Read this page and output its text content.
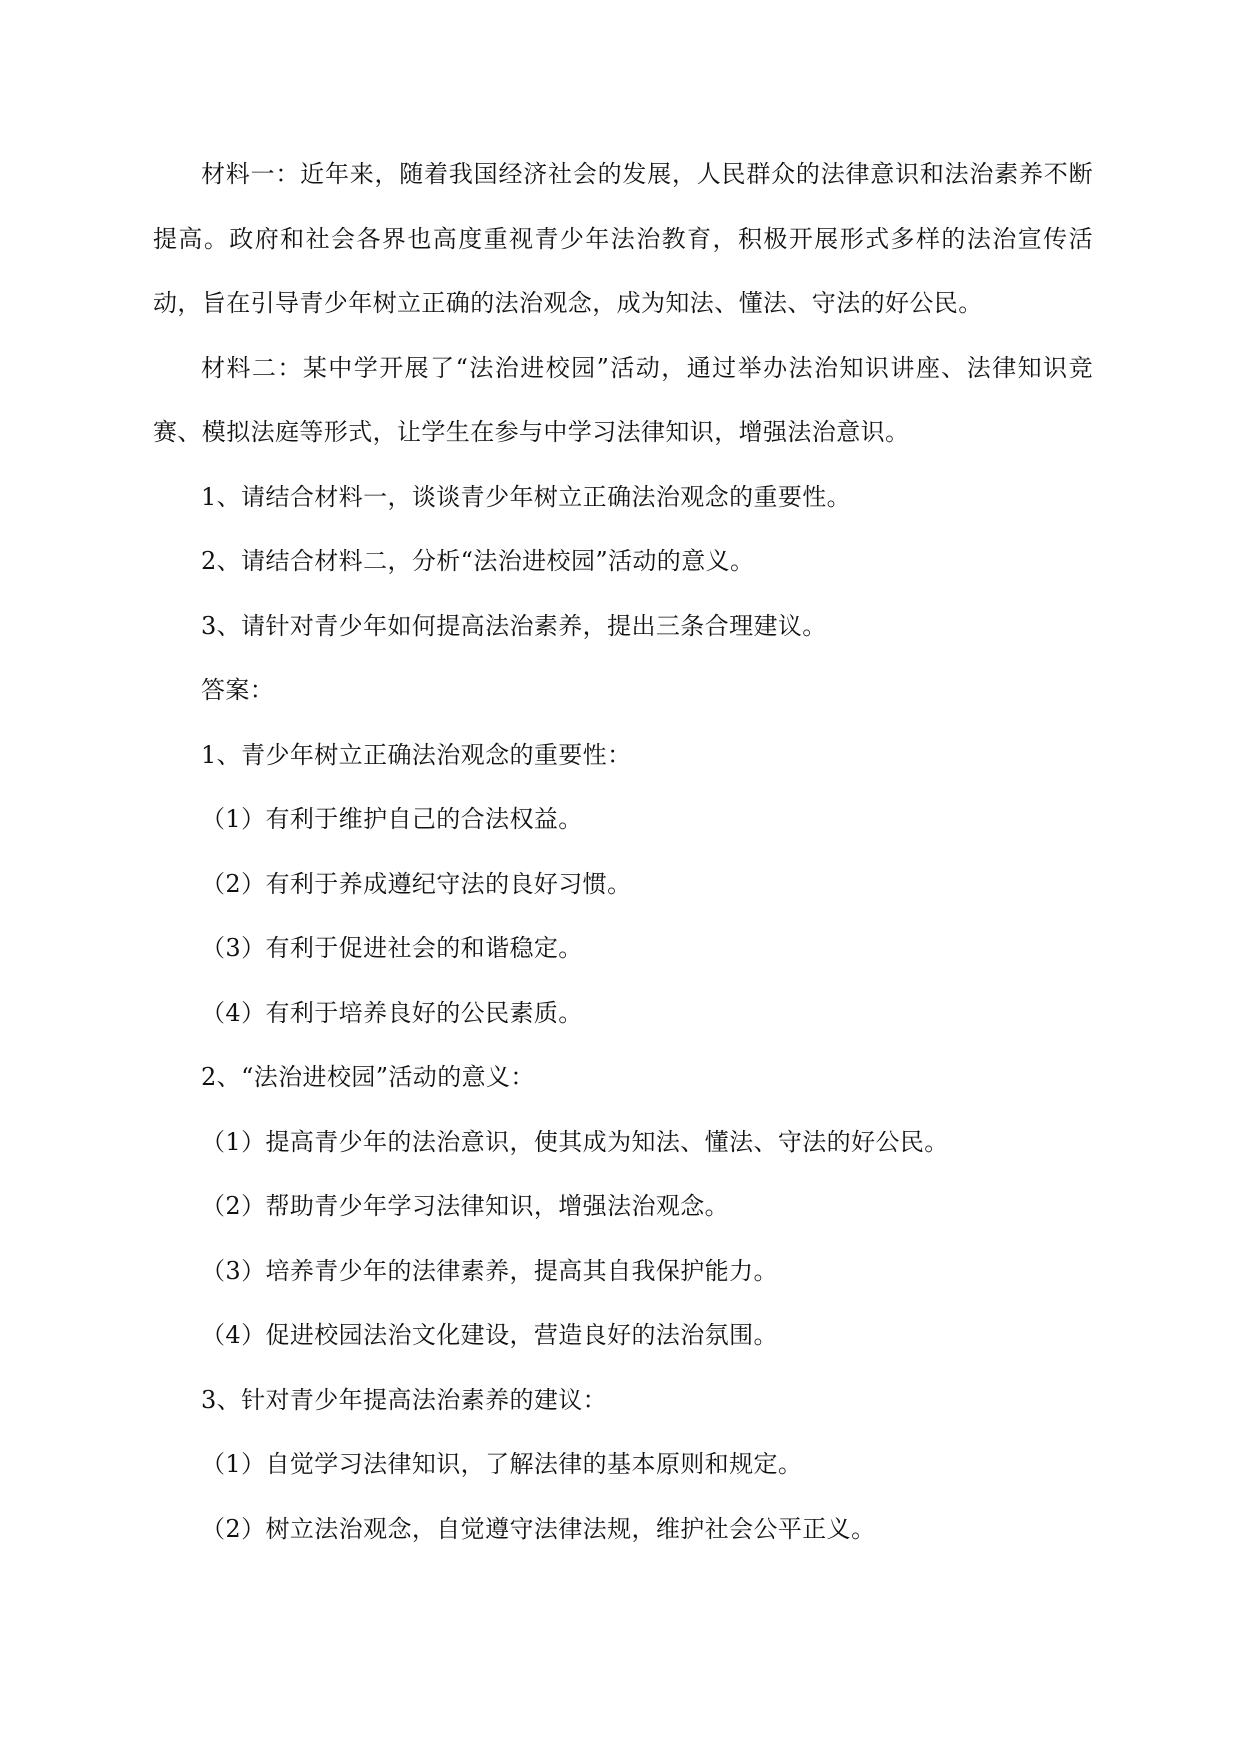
材料一：近年来，随着我国经济社会的发展，人民群众的法律意识和法治素养不断提高。政府和社会各界也高度重视青少年法治教育，积极开展形式多样的法治宣传活动，旨在引导青少年树立正确的法治观念，成为知法、懂法、守法的好公民。

材料二：某中学开展了“法治进校园”活动，通过举办法治知识讲座、法律知识竞赛、模拟法庭等形式，让学生在参与中学习法律知识，增强法治意识。

1、请结合材料一，谈谈青少年树立正确法治观念的重要性。

2、请结合材料二，分析“法治进校园”活动的意义。

3、请针对青少年如何提高法治素养，提出三条合理建议。

答案：

1、青少年树立正确法治观念的重要性：

（1）有利于维护自己的合法权益。

（2）有利于养成遵纪守法的良好习惯。

（3）有利于促进社会的和谐稳定。

（4）有利于培养良好的公民素质。

2、“法治进校园”活动的意义：

（1）提高青少年的法治意识，使其成为知法、懂法、守法的好公民。

（2）帮助青少年学习法律知识，增强法治观念。

（3）培养青少年的法律素养，提高其自我保护能力。

（4）促进校园法治文化建设，营造良好的法治氛围。

3、针对青少年提高法治素养的建议：

（1）自觉学习法律知识，了解法律的基本原则和规定。

（2）树立法治观念，自觉遵守法律法规，维护社会公平正义。
